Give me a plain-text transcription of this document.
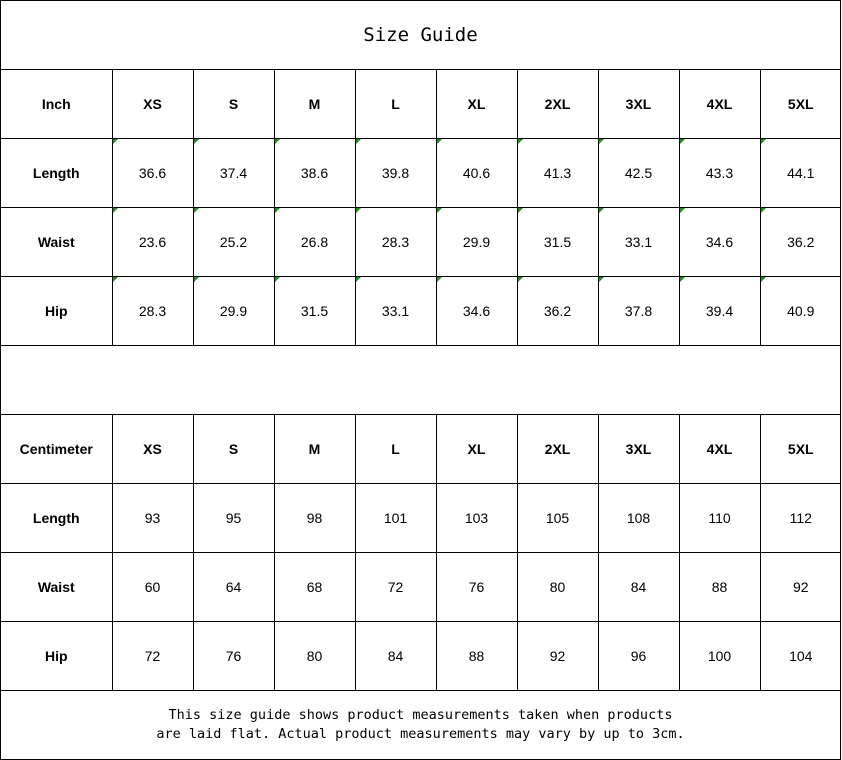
Size Guide
Inch	XS	S	M	L	XL	2XL	3XL	4XL	5XL
Length	36.6	37.4	38.6	39.8	40.6	41.3	42.5	43.3	44.1
Waist	23.6	25.2	26.8	28.3	29.9	31.5	33.1	34.6	36.2
Hip	28.3	29.9	31.5	33.1	34.6	36.2	37.8	39.4	40.9
Centimeter	XS	S	M	L	XL	2XL	3XL	4XL	5XL
Length	93	95	98	101	103	105	108	110	112
Waist	60	64	68	72	76	80	84	88	92
Hip	72	76	80	84	88	92	96	100	104
This size guide shows product measurements taken when products
are laid flat. Actual product measurements may vary by up to 3cm.
